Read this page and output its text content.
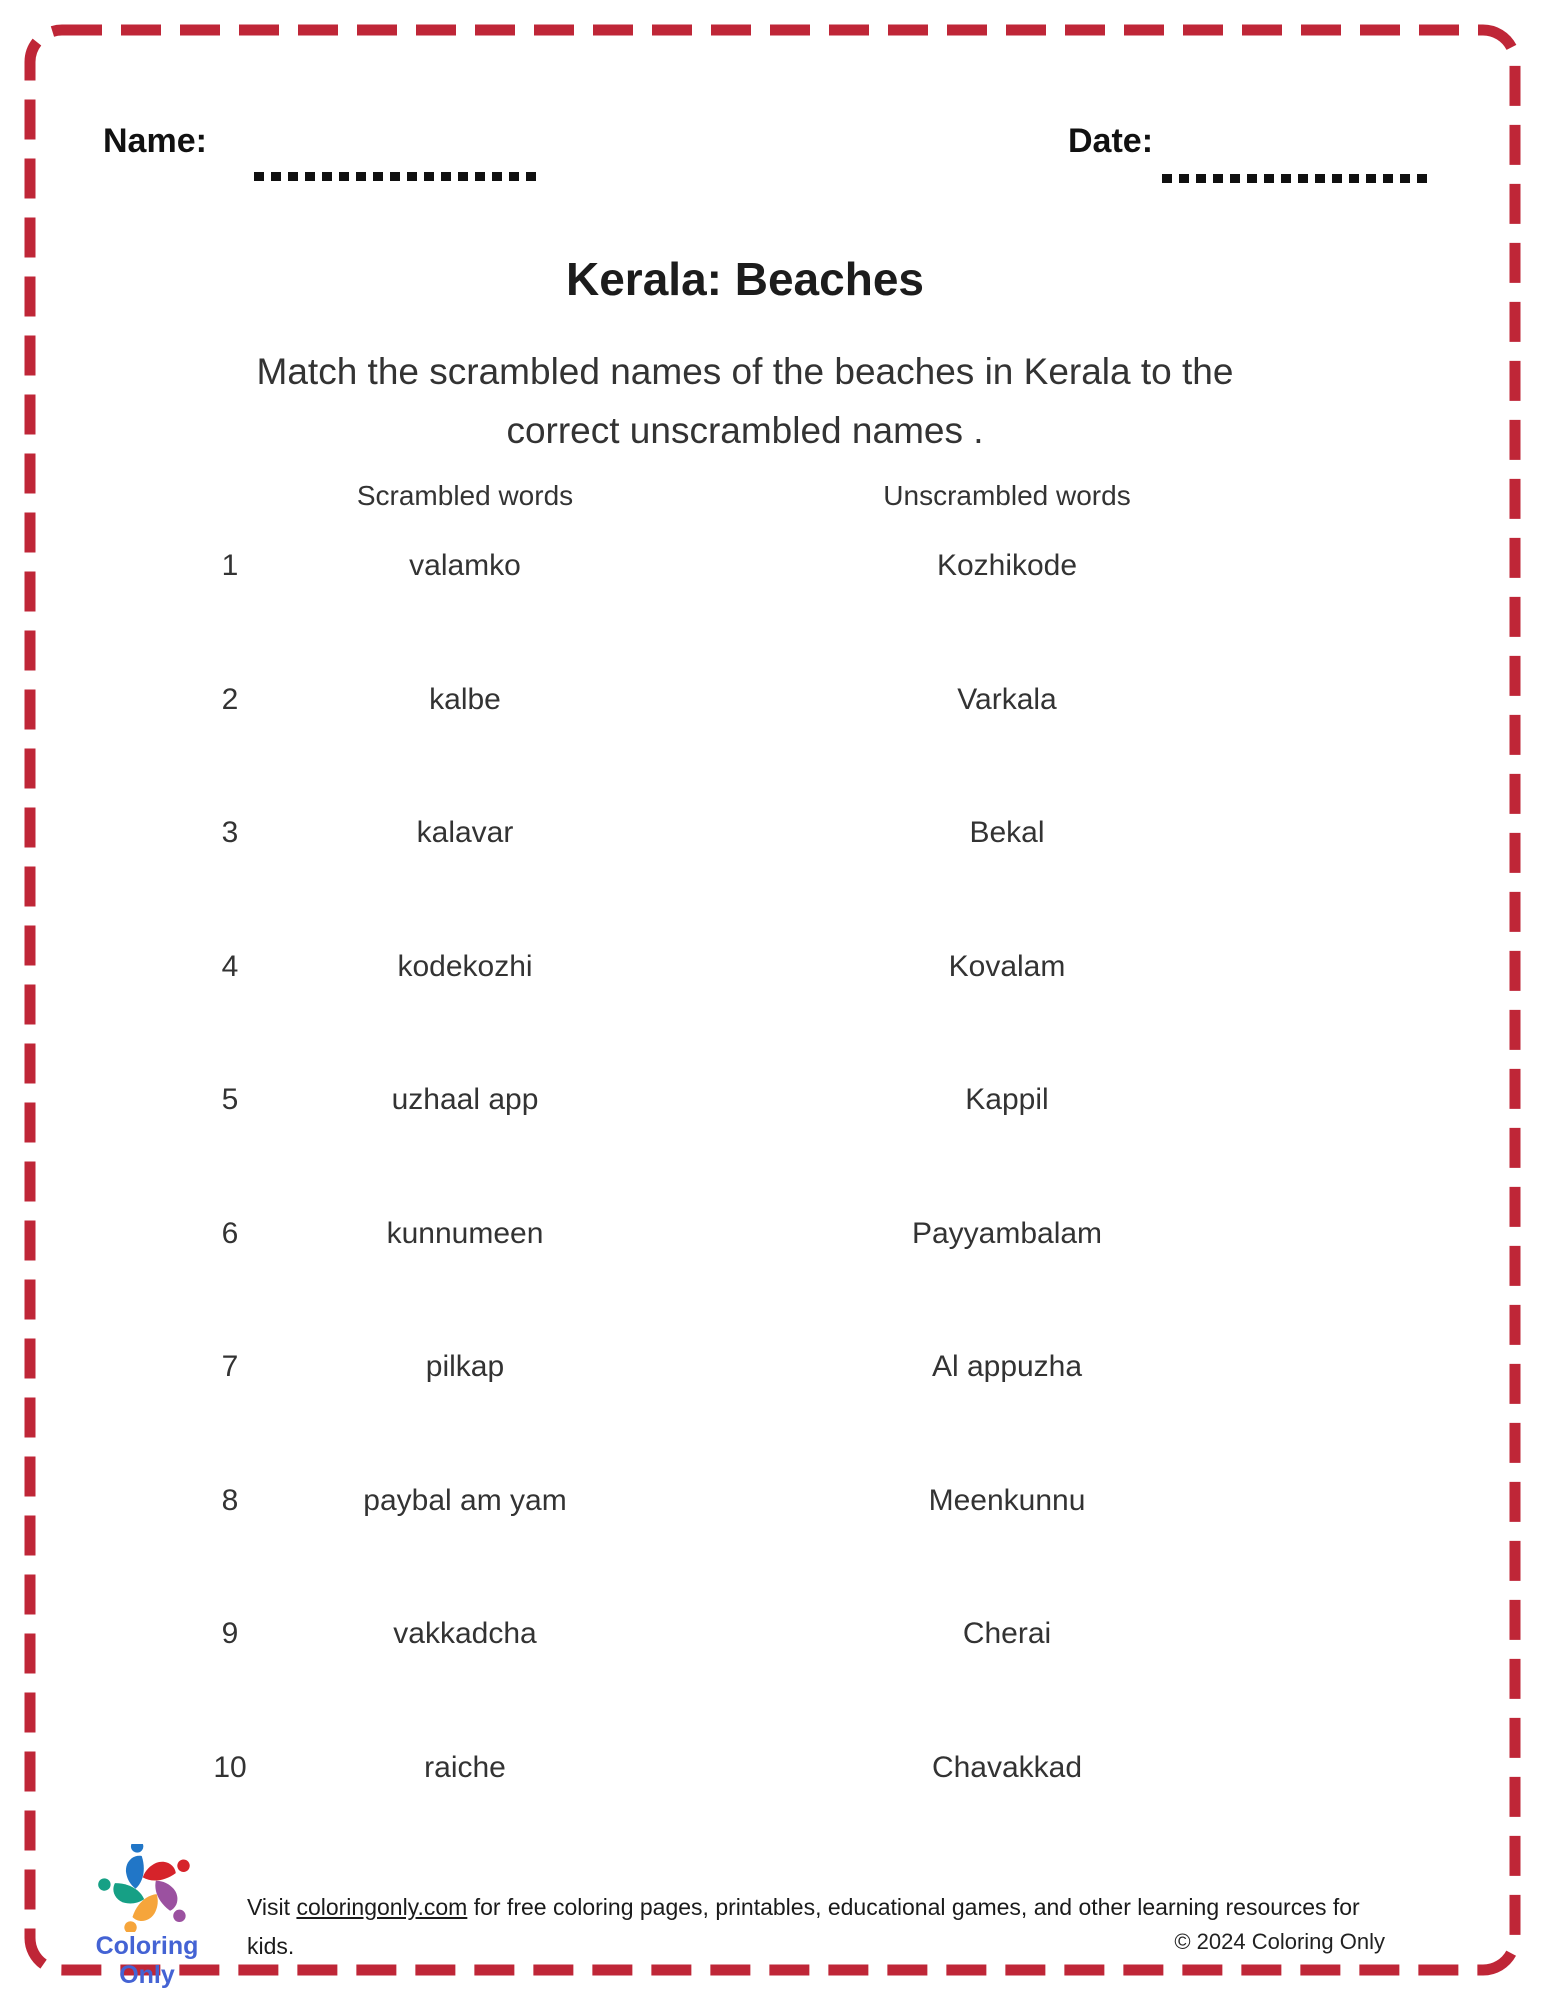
Name:	Date:
Kerala: Beaches
Match the scrambled names of the beaches in Kerala to the
correct unscrambled names .
Scrambled words	Unscrambled words
1	valamko	Kozhikode
2	kalbe	Varkala
3	kalavar	Bekal
4	kodekozhi	Kovalam
5	uzhaal app	Kappil
6	kunnumeen	Payyambalam
7	pilkap	Al appuzha
8	paybal am yam	Meenkunnu
9	vakkadcha	Cherai
10	raiche	Chavakkad
Coloring Only
Visit coloringonly.com for free coloring pages, printables, educational games, and other learning resources for
kids.	© 2024 Coloring Only
